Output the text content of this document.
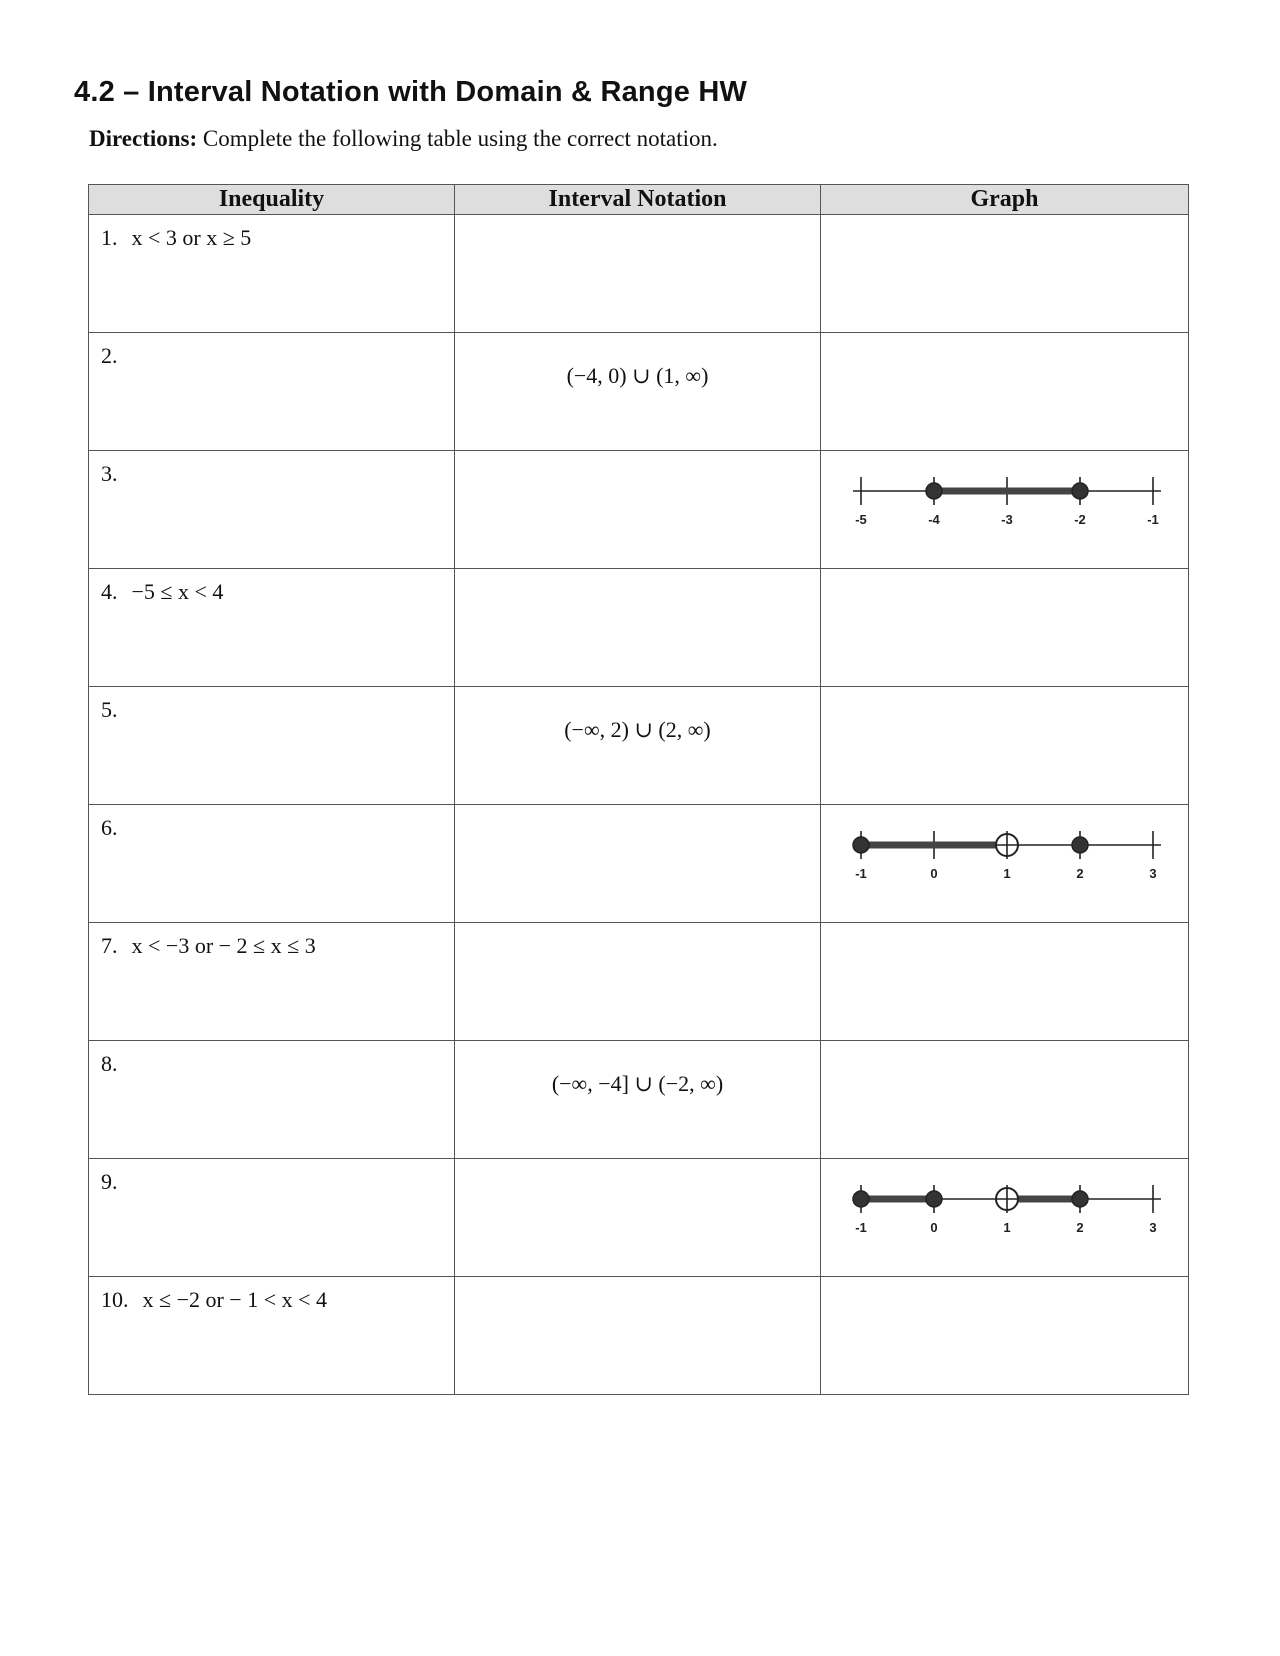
4.2 – Interval Notation with Domain & Range HW

Directions: Complete the following table using the correct notation.

Inequality	Interval Notation	Graph
1. x < 3 or x ≥ 5	

2.	(−4, 0) ∪ (1, ∞)	

3.		-5 -4 -3 -2 -1

4. −5 ≤ x < 4	

5.	(−∞, 2) ∪ (2, ∞)	

6.		-1 0 1 2 3

7. x < −3 or − 2 ≤ x ≤ 3	

8.	(−∞, −4] ∪ (−2, ∞)	

9.		-1 0 1 2 3

10. x ≤ −2 or − 1 < x < 4	
